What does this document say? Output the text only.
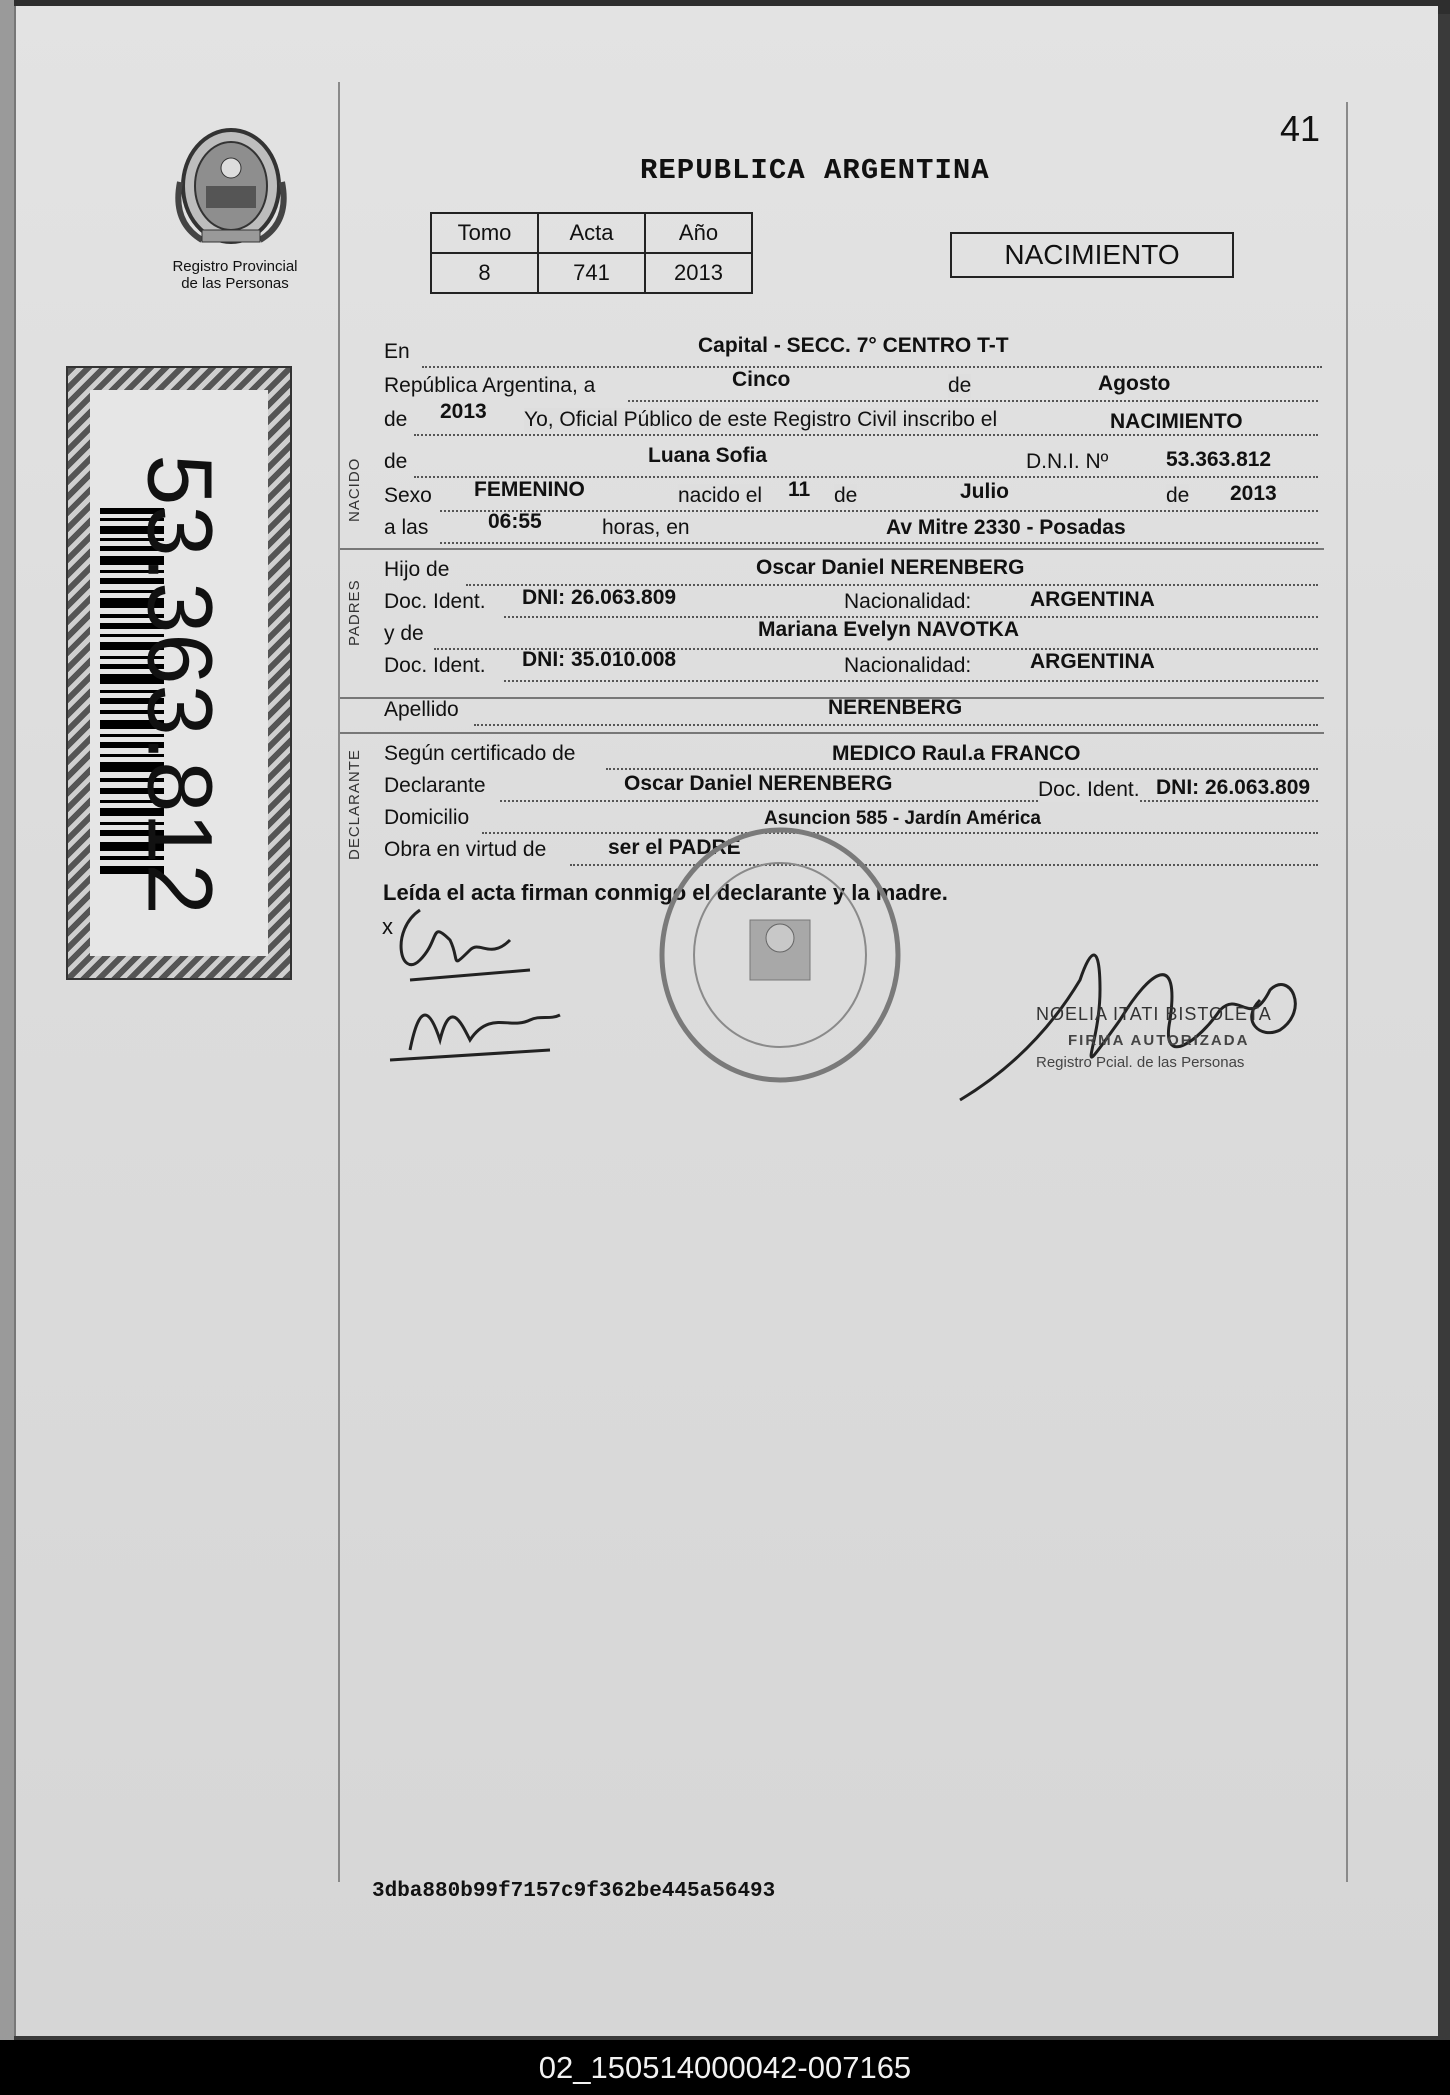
41
REPUBLICA ARGENTINA
Registro Provincial
de las Personas
53.363.812
Tomo	Acta	Año
8	741	2013
NACIMIENTO
NACIDO
PADRES
DECLARANTE
En	Capital - SECC. 7° CENTRO T-T
República Argentina, a	Cinco	de	Agosto
de 2013 Yo, Oficial Público de este Registro Civil inscribo el	NACIMIENTO
de	Luana Sofia	D.N.I. Nº	53.363.812
Sexo FEMENINO	nacido el 11 de	Julio	de 2013
a las	06:55	horas, en	Av Mitre 2330 - Posadas
Hijo de	Oscar Daniel NERENBERG
Doc. Ident. DNI: 26.063.809	Nacionalidad:	ARGENTINA
y de	Mariana Evelyn NAVOTKA
Doc. Ident. DNI: 35.010.008	Nacionalidad:	ARGENTINA
Apellido	NERENBERG
Según certificado de	MEDICO Raul.a FRANCO
Declarante	Oscar Daniel NERENBERG	Doc. Ident. DNI: 26.063.809
Domicilio	Asuncion 585 - Jardín América
Obra en virtud de	ser el PADRE
Leída el acta firman conmigo el declarante y la madre.
x
NOELIA ITATI BISTOLETA
FIRMA AUTORIZADA
Registro Pcial. de las Personas
3dba880b99f7157c9f362be445a56493
02_150514000042-007165
